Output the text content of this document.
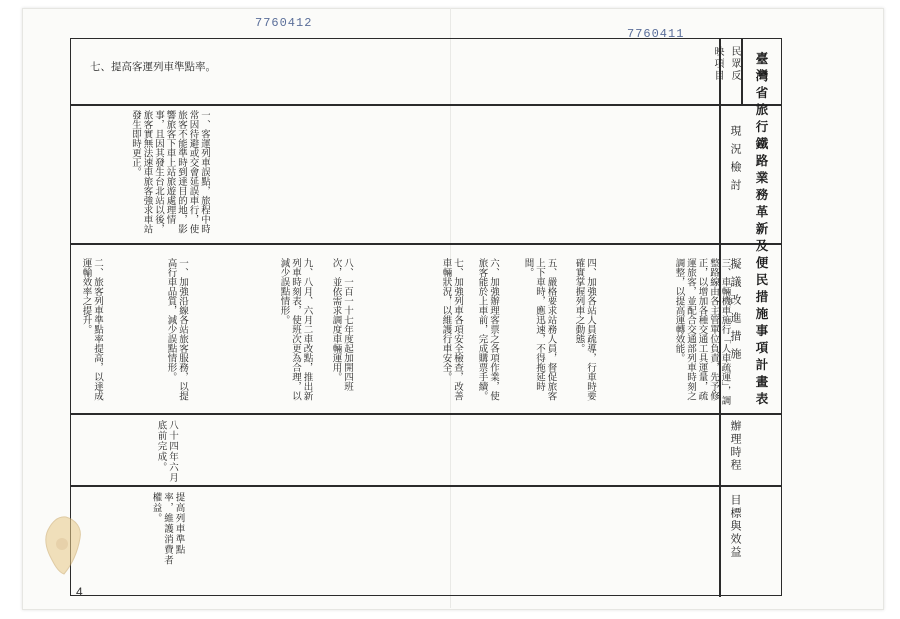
7760412
7760411
臺灣省旅行鐵路業務革新及便民措施事項計畫表
民眾反
映項目
現況檢討
擬議改進措施
辦理時程
目標與效益
七、提高客運列車準點率。
一、客運列車誤點，旅程中時常因待避或交會延誤車行，使旅客不能準時到達目的地，影響旅客下車上站旅遊處理情事，且因其發生台北站以後，旅客實無法速車旅客強求車站發生即時更正。
三、車輛機車施行「人車疏運」，調整路線由各主管單位負責，先予修正，以增加各種交通工具運量，疏運旅客，並配合交通部列車時刻之調整，以提高運轉效能。
四、加強各站人員疏導，行車時要確實掌握列車之動態。
五、嚴格要求站務人員，督促旅客上下車時，應迅速，不得拖延時間。
六、加強辦理客票之各項作業，使旅客能於上車前，完成購票手續。
七、加強列車各項安全檢查，改善車輛狀況，以維護行車安全。
八、一百一十七年度起加開四班次，並依需求調度車輛運用。
九、八月、六月二車改點，推出新列車時刻表，使班次更為合理，以減少誤點情形。
一、加強沿線各站旅客服務，以提高行車品質，減少誤點情形。
二、旅客列車準點率提高，以達成運輸效率之提升。
八十四年六月底前完成。
提高列車準點率，維護消費者權益。
4
